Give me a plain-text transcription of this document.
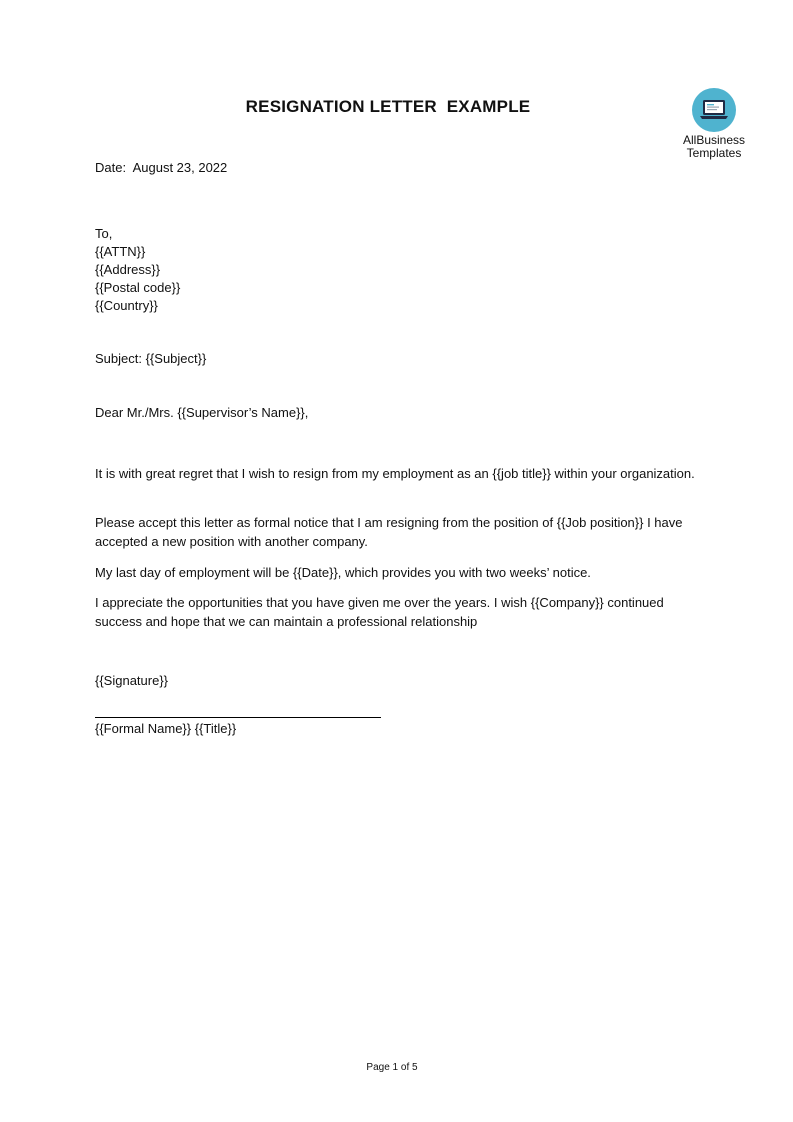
RESIGNATION LETTER  EXAMPLE
AllBusiness
Templates
Date:  August 23, 2022
To,
{{ATTN}}
{{Address}}
{{Postal code}}
{{Country}}
Subject: {{Subject}}
Dear Mr./Mrs. {{Supervisor’s Name}},
It is with great regret that I wish to resign from my employment as an {{job title}} within your organization.
Please accept this letter as formal notice that I am resigning from the position of {{Job position}} I have accepted a new position with another company.
My last day of employment will be {{Date}}, which provides you with two weeks’ notice.
I appreciate the opportunities that you have given me over the years. I wish {{Company}} continued success and hope that we can maintain a professional relationship
{{Signature}}
{{Formal Name}} {{Title}}
Page 1 of 5
